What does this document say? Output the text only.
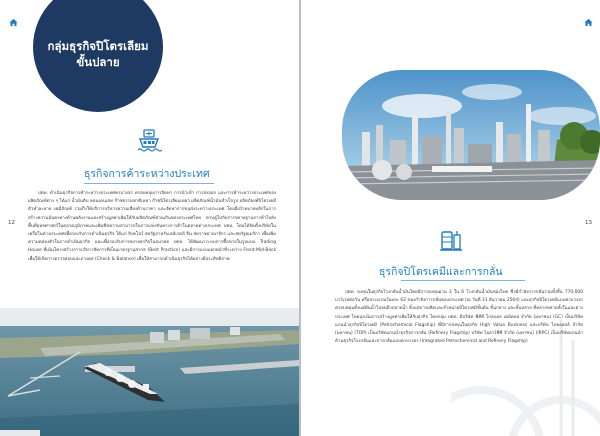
กลุ่มธุรกิจปิโตรเลียม
ขั้นปลาย
ธุรกิจการค้าระหว่างประเทศ
12

ปตท. ดำเนินธุรกิจการค้าระหว่างประเทศครบวงจร ครอบคลุมการจัดหา การนำเข้า การส่งออก และการค้าระหว่างประเทศของผลิตภัณฑ์ต่าง ๆ ได้แก่ น้ำมันดิบ คอนเดนเสท ก๊าซธรรมชาติเหลว ก๊าซปิโตรเลียมเหลว ผลิตภัณฑ์น้ำมันสำเร็จรูป ผลิตภัณฑ์ปิโตรเคมี ตัวทำละลาย เคมีภัณฑ์ รวมถึงให้บริการบริหารความเสี่ยงด้านราคา และจัดหาการขนส่งระหว่างประเทศ โดยมีเป้าหมายหลักในการสร้างความมั่นคงทางด้านพลังงานและสร้างมูลค่าเพิ่มให้กับผลิตภัณฑ์ส่วนเกินของประเทศไทย ควบคู่ไปกับการขยายฐานการค้าไปยังพื้นที่ยุทธศาสตร์ในตลาดภูมิภาคและเพิ่มขีดความสามารถในการแข่งขันทางการค้าในตลาดต่างประเทศ ปตท. โดยได้จัดตั้งบริษัทในเครือในต่างประเทศเพื่อรองรับการดำเนินธุรกิจ ได้แก่ สิงคโปร์ สหรัฐอาหรับเอมิเรตส์ จีน สหราชอาณาจักร และสหรัฐอเมริกา เพื่อเพิ่มความคล่องตัวในการดำเนินธุรกิจ และเพื่อรองรับการขยายธุรกิจในอนาคต ปตท. ได้พัฒนาระบบการซื้อขายในรูปแบบ Trading House ที่เน้นโครงสร้างการบริหารจัดการที่เป็นมาตรฐานสากล (Best Practice) และมีการแบ่งแยกหน้าที่ระหว่าง Front-Mid-Back เพื่อให้เกิดการตรวจสอบและถ่วงดุล (Check & Balance) เพื่อให้สามารถดำเนินธุรกิจได้อย่างมีประสิทธิภาพ

ธุรกิจปิโตรเคมีและการกลั่น
13

ปตท. ลงทุนในธุรกิจโรงกลั่นน้ำมันโดยมีการลงทุนผ่าน 3 ใน 6 โรงกลั่นน้ำมันของไทย ซึ่งมีกำลังการกลั่นรวมทั้งสิ้น 770,000 บาร์เรลต่อวัน หรือประมาณร้อยละ 62 ของกำลังการกลั่นของประเทศ (ณ วันที่ 31 ธันวาคม 2564) และธุรกิจปิโตรเคมีแบบครบวงจร ครอบคลุมตั้งแต่ต้นน้ำไปจนถึงปลายน้ำ ตั้งแต่การผลิตและจำหน่ายปิโตรเคมีขั้นต้น ขั้นกลาง และขั้นปลาย ที่หลากหลายทั้งในและต่างประเทศ โดยมุ่งเน้นการสร้างมูลค่าเพิ่มให้กับธุรกิจ โดยกลุ่ม ปตท. มีบริษัท พีทีที โกลบอล เคมิคอล จำกัด (มหาชน) (GC) เป็นบริษัทแกนนำธุรกิจปิโตรเคมี (Petrochemical Flagship) ที่มีการลงทุนในธุรกิจ High Value Business และบริษัท ไทยออยล์ จำกัด (มหาชน) (TOP) เป็นบริษัทแกนนำธุรกิจการกลั่น (Refinery Flagship) บริษัท ไออาร์พีซี จำกัด (มหาชน) (IRPC) เป็นบริษัทแกนนำด้านธุรกิจโรงกลั่นและการกลั่นแบบครบวงจร (Integrated Petrochemical and Refinery Flagship)
